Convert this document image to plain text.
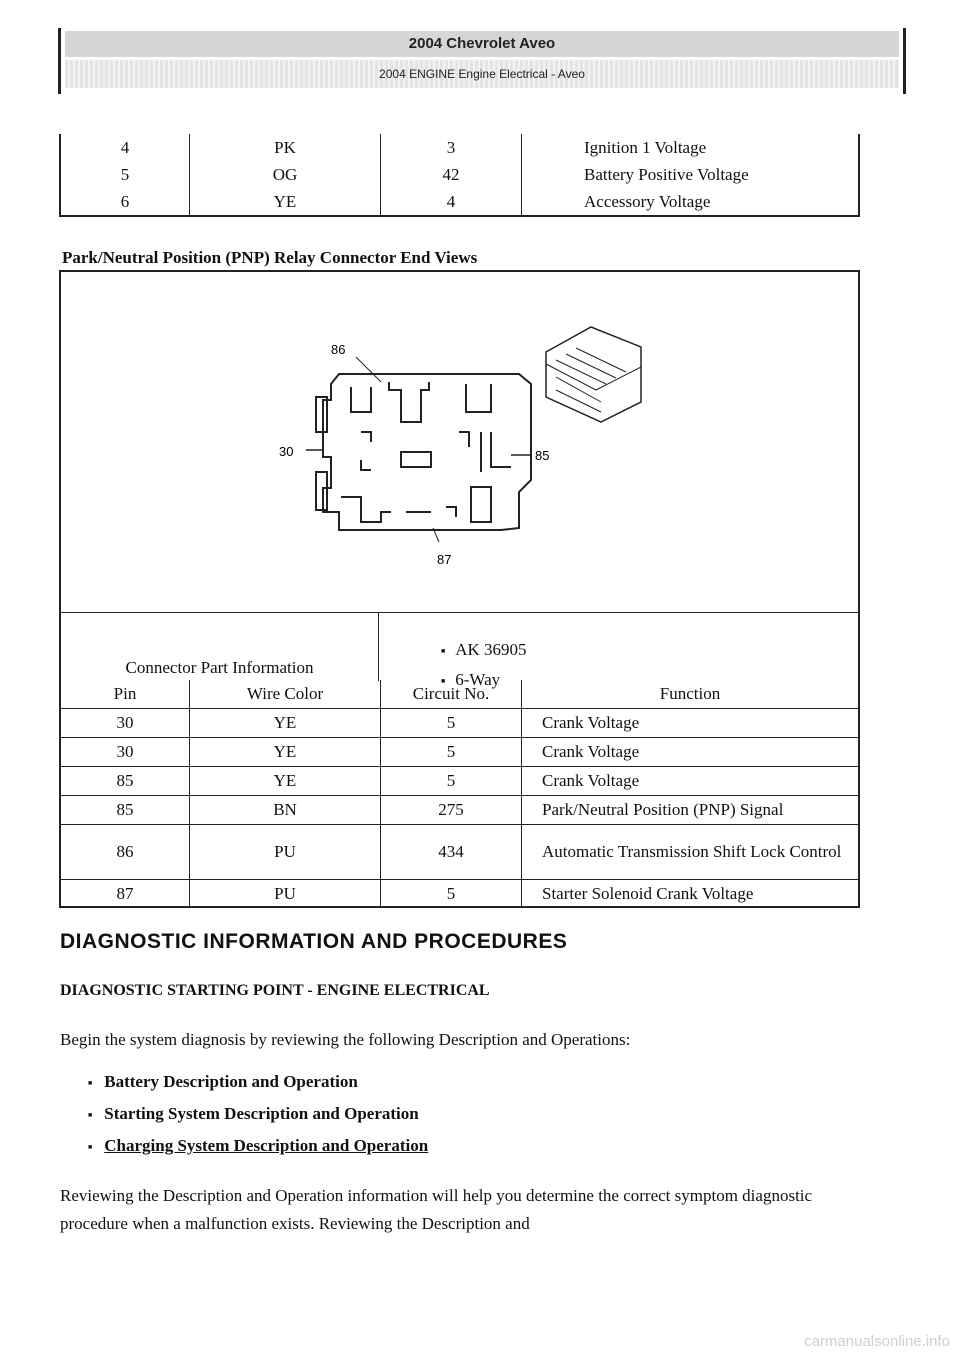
2004 Chevrolet Aveo
2004 ENGINE Engine Electrical - Aveo
4	PK	3	Ignition 1 Voltage
5	OG	42	Battery Positive Voltage
6	YE	4	Accessory Voltage
Park/Neutral Position (PNP) Relay Connector End Views
86
30	85
87
Connector Part Information
■ AK 36905
■ 6-Way
Pin	Wire Color	Circuit No.	Function
30	YE	5	Crank Voltage
30	YE	5	Crank Voltage
85	YE	5	Crank Voltage
85	BN	275	Park/Neutral Position (PNP) Signal
86	PU	434	Automatic Transmission Shift Lock Control
87	PU	5	Starter Solenoid Crank Voltage
DIAGNOSTIC INFORMATION AND PROCEDURES
DIAGNOSTIC STARTING POINT - ENGINE ELECTRICAL
Begin the system diagnosis by reviewing the following Description and Operations:
■ Battery Description and Operation
■ Starting System Description and Operation
■ Charging System Description and Operation
Reviewing the Description and Operation information will help you determine the correct symptom diagnostic procedure when a malfunction exists. Reviewing the Description and
carmanualsonline.info
